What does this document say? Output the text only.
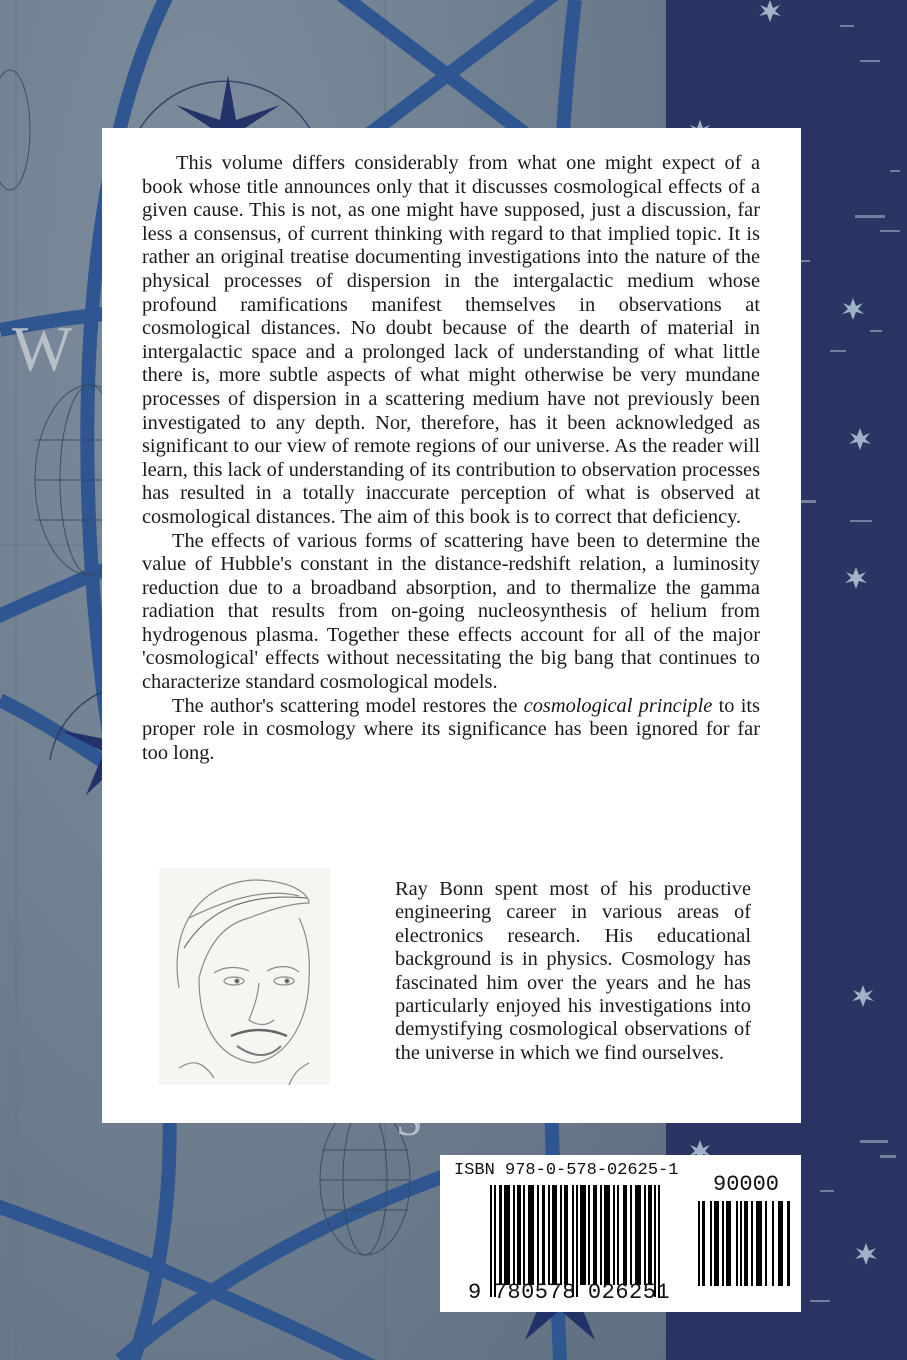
W

This volume differs considerably from what one might expect of a book whose title announces only that it discusses cosmological effects of a given cause. This is not, as one might have supposed, just a discussion, far less a consensus, of current thinking with regard to that implied topic. It is rather an original treatise documenting investigations into the nature of the physical processes of dispersion in the intergalactic medium whose profound ramifications manifest themselves in observations at cosmological distances. No doubt because of the dearth of material in intergalactic space and a prolonged lack of understanding of what little there is, more subtle aspects of what might otherwise be very mundane processes of dispersion in a scattering medium have not previously been investigated to any depth. Nor, therefore, has it been acknowledged as significant to our view of remote regions of our universe. As the reader will learn, this lack of understanding of its contribution to observation processes has resulted in a totally inaccurate perception of what is observed at cosmological distances. The aim of this book is to correct that deficiency.

The effects of various forms of scattering have been to determine the value of Hubble's constant in the distance-redshift relation, a luminosity reduction due to a broadband absorption, and to thermalize the gamma radiation that results from on-going nucleosynthesis of helium from hydrogenous plasma. Together these effects account for all of the major 'cosmological' effects without necessitating the big bang that continues to characterize standard cosmological models.

The author's scattering model restores the cosmological principle to its proper role in cosmology where its significance has been ignored for far too long.

Ray Bonn spent most of his productive engineering career in various areas of electronics research. His educational background is in physics. Cosmology has fascinated him over the years and he has particularly enjoyed his investigations into demystifying cosmological observations of the universe in which we find ourselves.
ISBN 978-0-578-02625-1
90000
9 780578 026251
